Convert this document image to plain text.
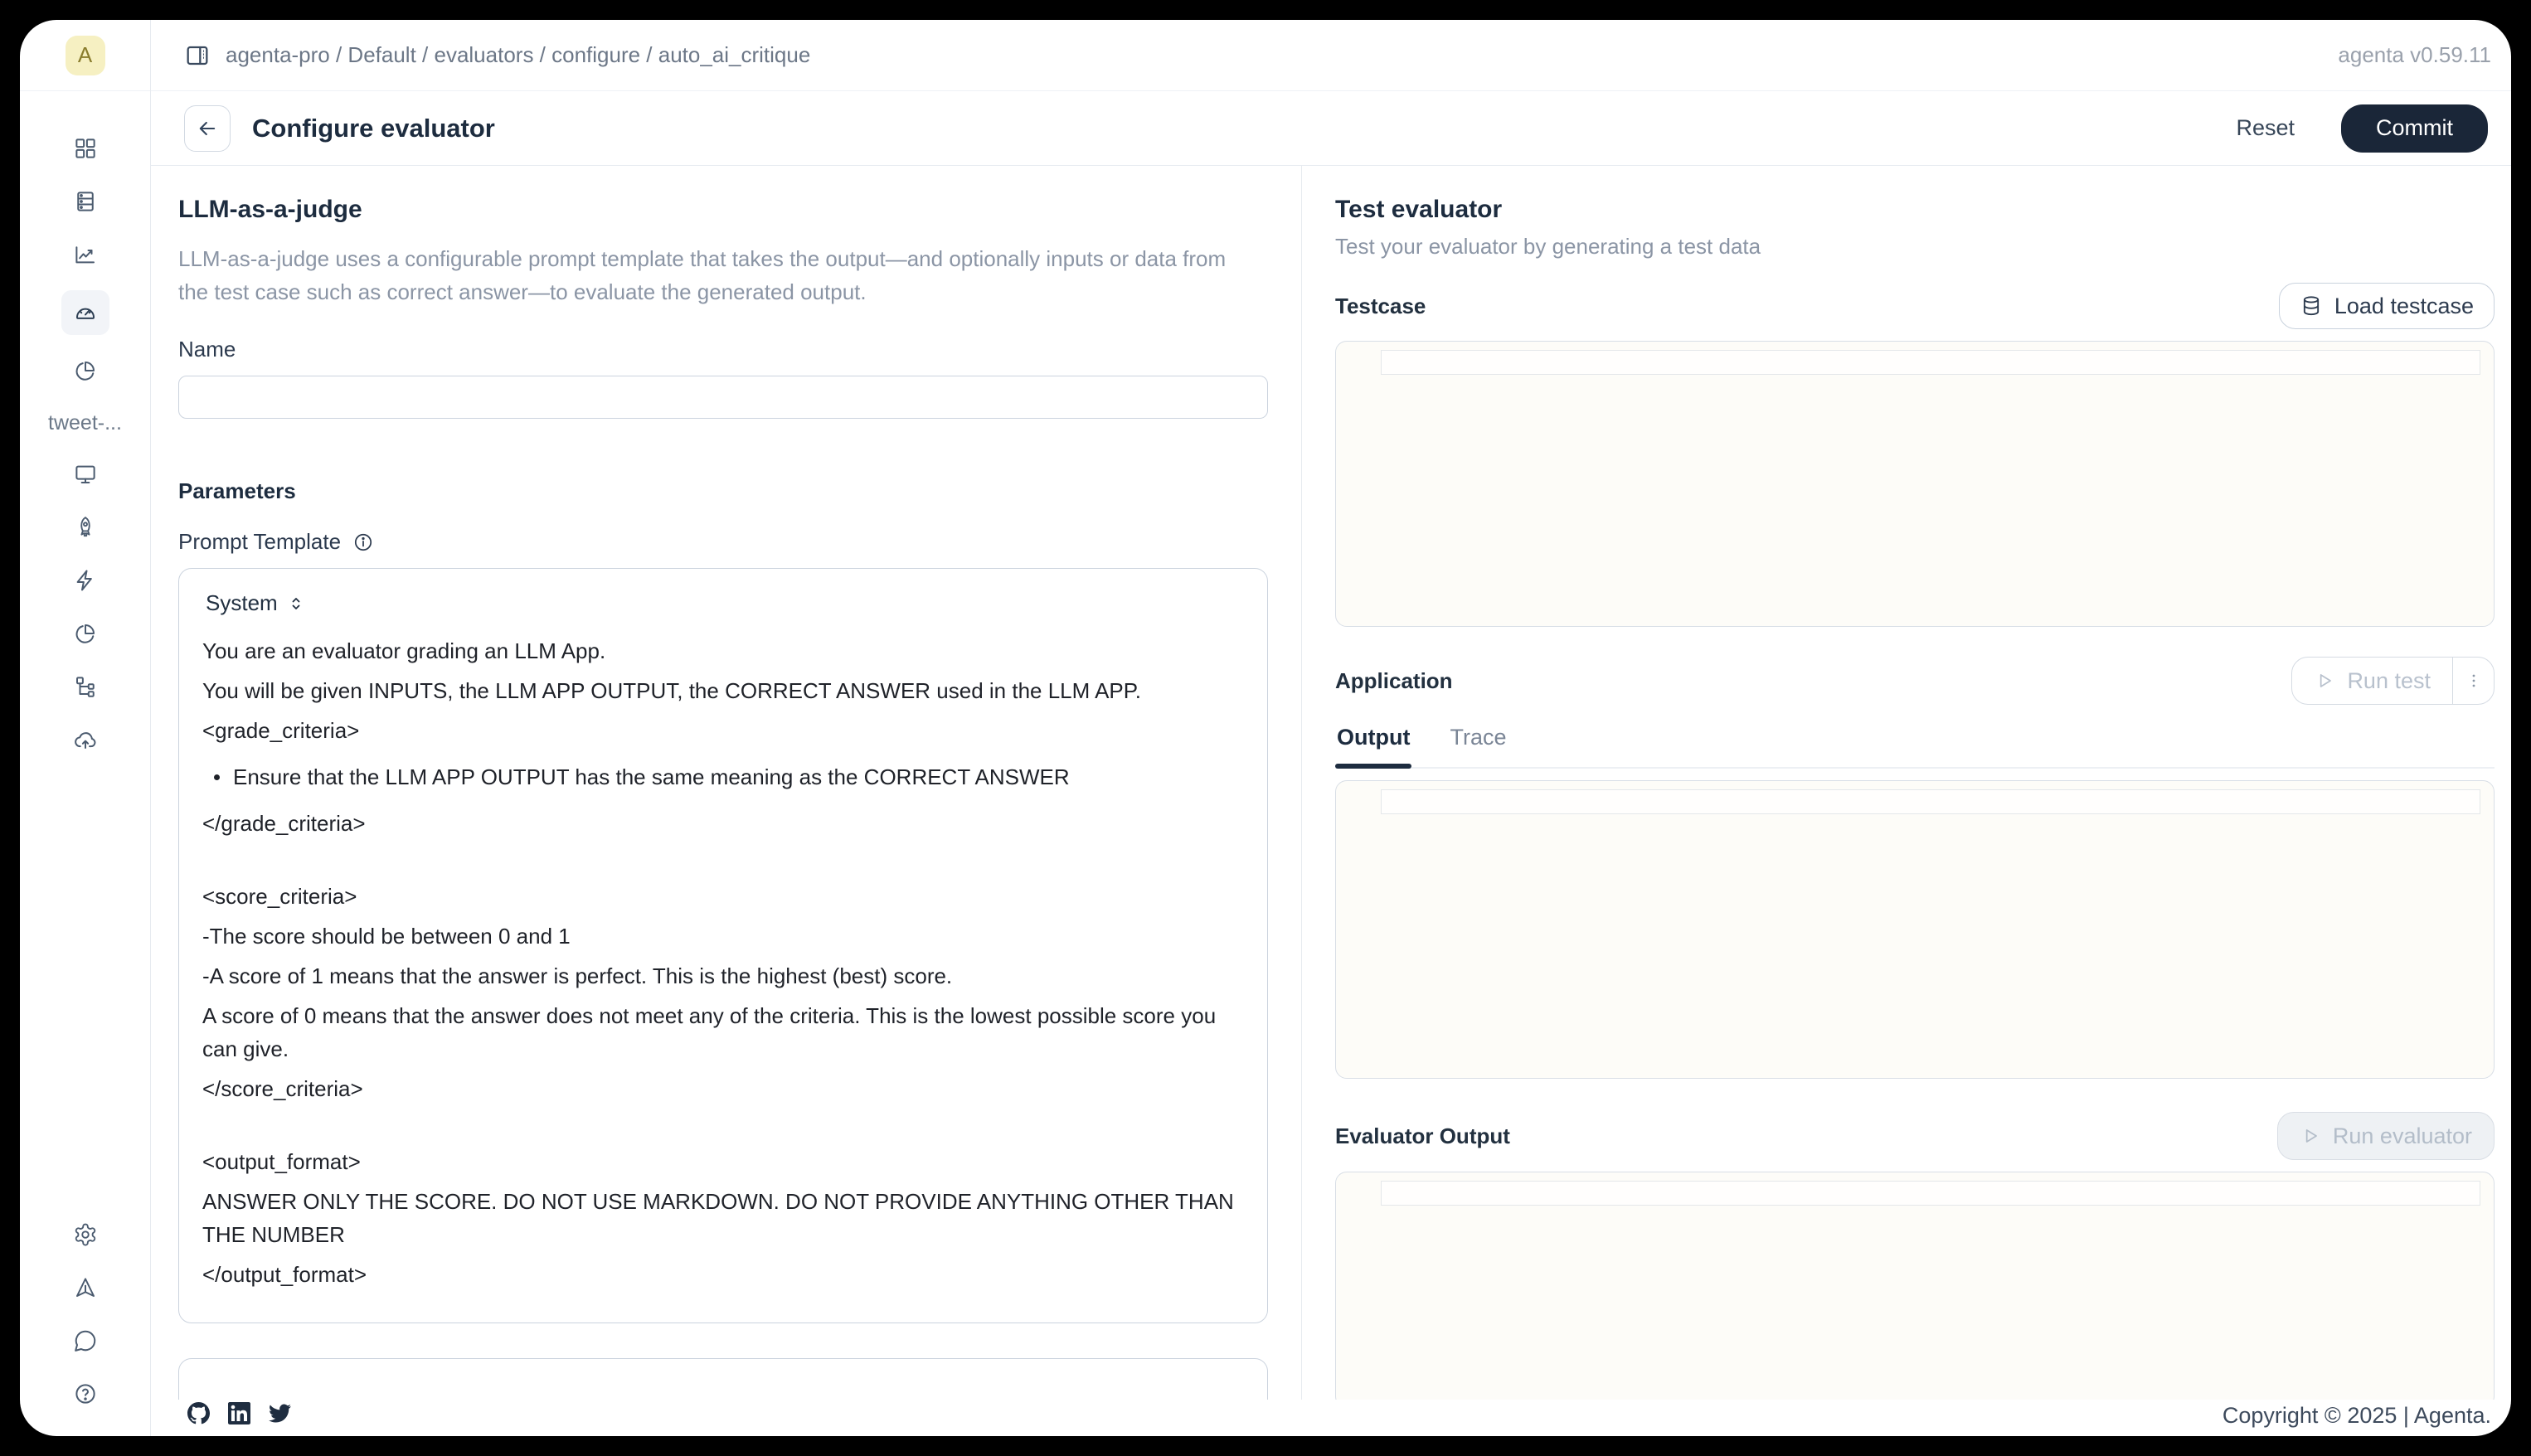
A
tweet-...
agenta-pro / Default / evaluators / configure / auto_ai_critique	agenta v0.59.11
Configure evaluator	Reset	Commit
LLM-as-a-judge

LLM-as-a-judge uses a configurable prompt template that takes the output—and optionally inputs or data from the test case such as correct answer—to evaluate the generated output.

Name
Parameters
Prompt Template
System
You are an evaluator grading an LLM App.
You will be given INPUTS, the LLM APP OUTPUT, the CORRECT ANSWER used in the LLM APP.
<grade_criteria>
Ensure that the LLM APP OUTPUT has the same meaning as the CORRECT ANSWER
</grade_criteria>
<score_criteria>
-The score should be between 0 and 1
-A score of 1 means that the answer is perfect. This is the highest (best) score.
A score of 0 means that the answer does not meet any of the criteria. This is the lowest possible score you can give.
</score_criteria>
<output_format>
ANSWER ONLY THE SCORE. DO NOT USE MARKDOWN. DO NOT PROVIDE ANYTHING OTHER THAN THE NUMBER
</output_format>
Test evaluator

Test your evaluator by generating a test data

Testcase	Load testcase
Application	Run test
Output Trace
Evaluator Output	Run evaluator
Copyright © 2025 | Agenta.
